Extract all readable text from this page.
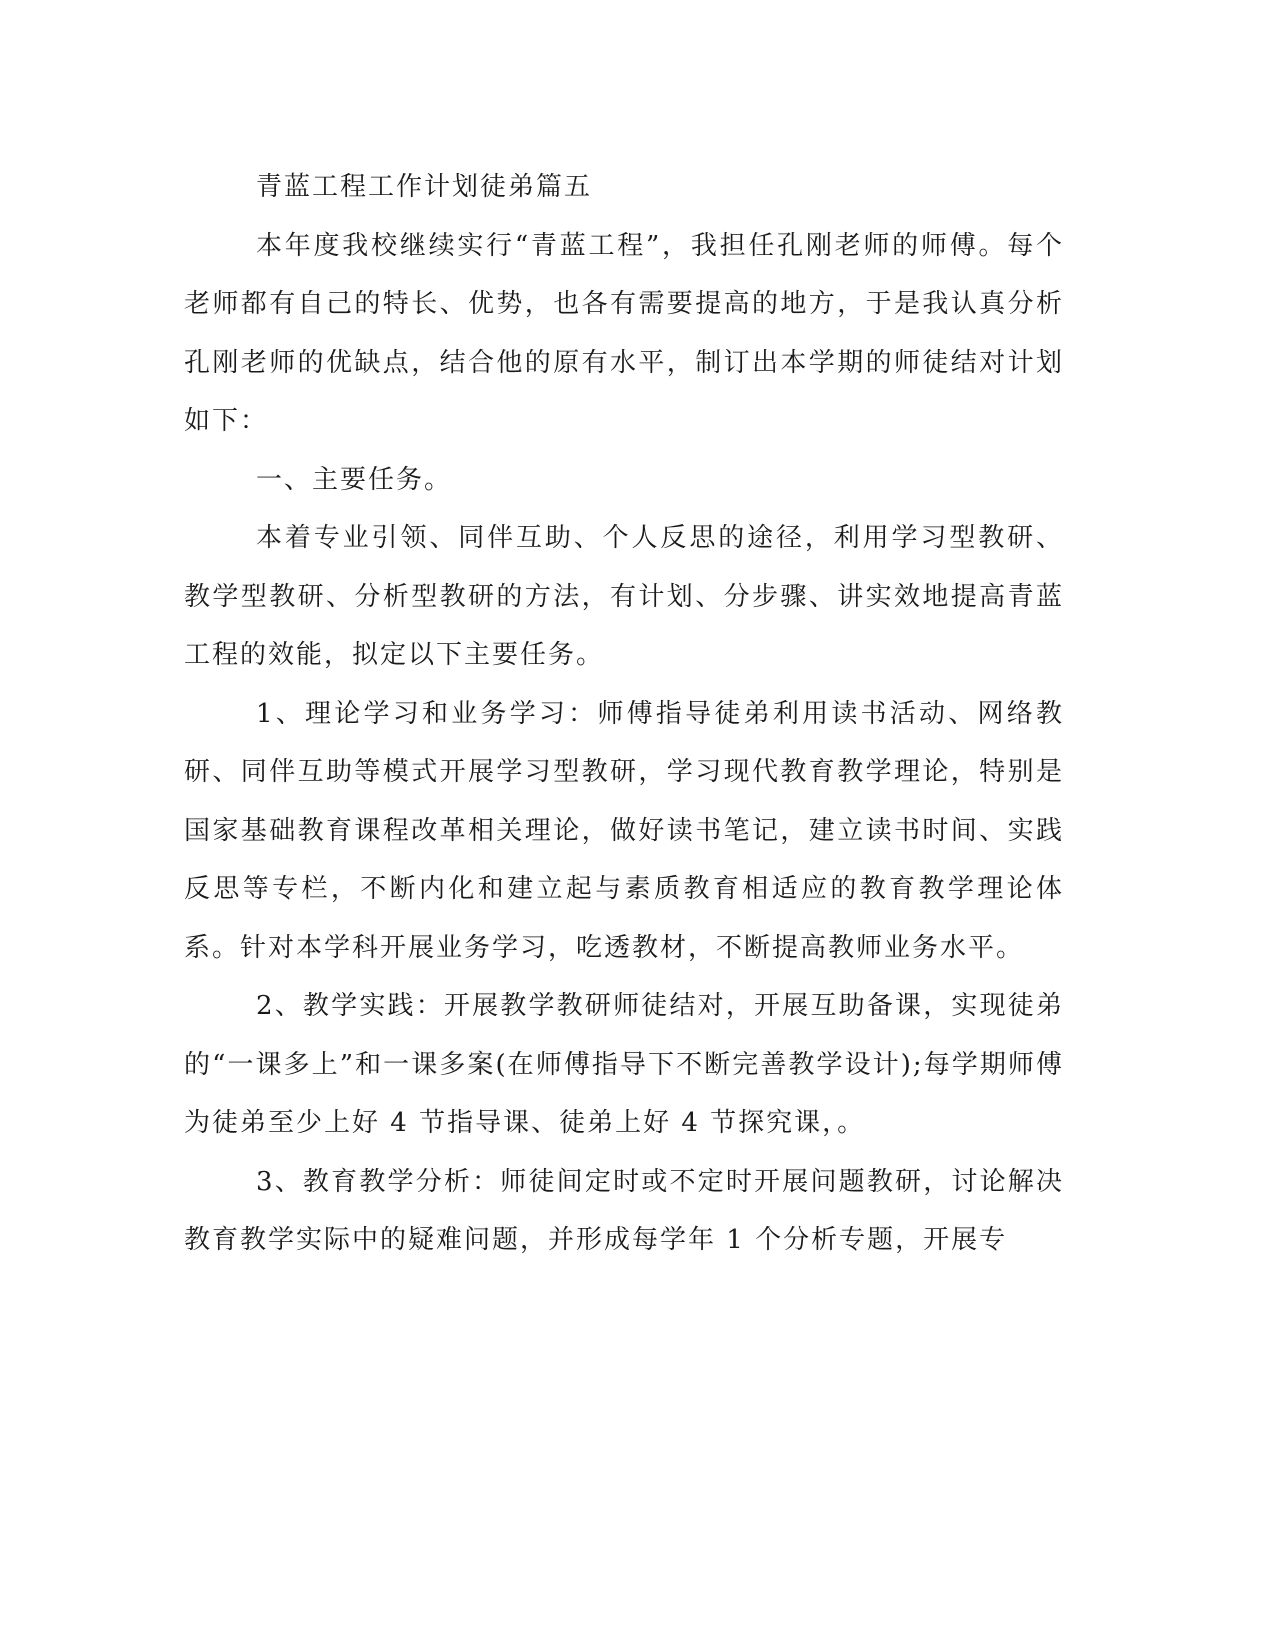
青蓝工程工作计划徒弟篇五

本年度我校继续实行“青蓝工程”，我担任孔刚老师的师傅。每个老师都有自己的特长、优势，也各有需要提高的地方，于是我认真分析孔刚老师的优缺点，结合他的原有水平，制订出本学期的师徒结对计划如下：

一、主要任务。

本着专业引领、同伴互助、个人反思的途径，利用学习型教研、教学型教研、分析型教研的方法，有计划、分步骤、讲实效地提高青蓝工程的效能，拟定以下主要任务。

1、理论学习和业务学习：师傅指导徒弟利用读书活动、网络教研、同伴互助等模式开展学习型教研，学习现代教育教学理论，特别是国家基础教育课程改革相关理论，做好读书笔记，建立读书时间、实践反思等专栏，不断内化和建立起与素质教育相适应的教育教学理论体系。针对本学科开展业务学习，吃透教材，不断提高教师业务水平。

2、教学实践：开展教学教研师徒结对，开展互助备课，实现徒弟的“一课多上”和一课多案(在师傅指导下不断完善教学设计);每学期师傅为徒弟至少上好 4 节指导课、徒弟上好 4 节探究课，。

3、教育教学分析：师徒间定时或不定时开展问题教研，讨论解决教育教学实际中的疑难问题，并形成每学年 1 个分析专题，开展专
